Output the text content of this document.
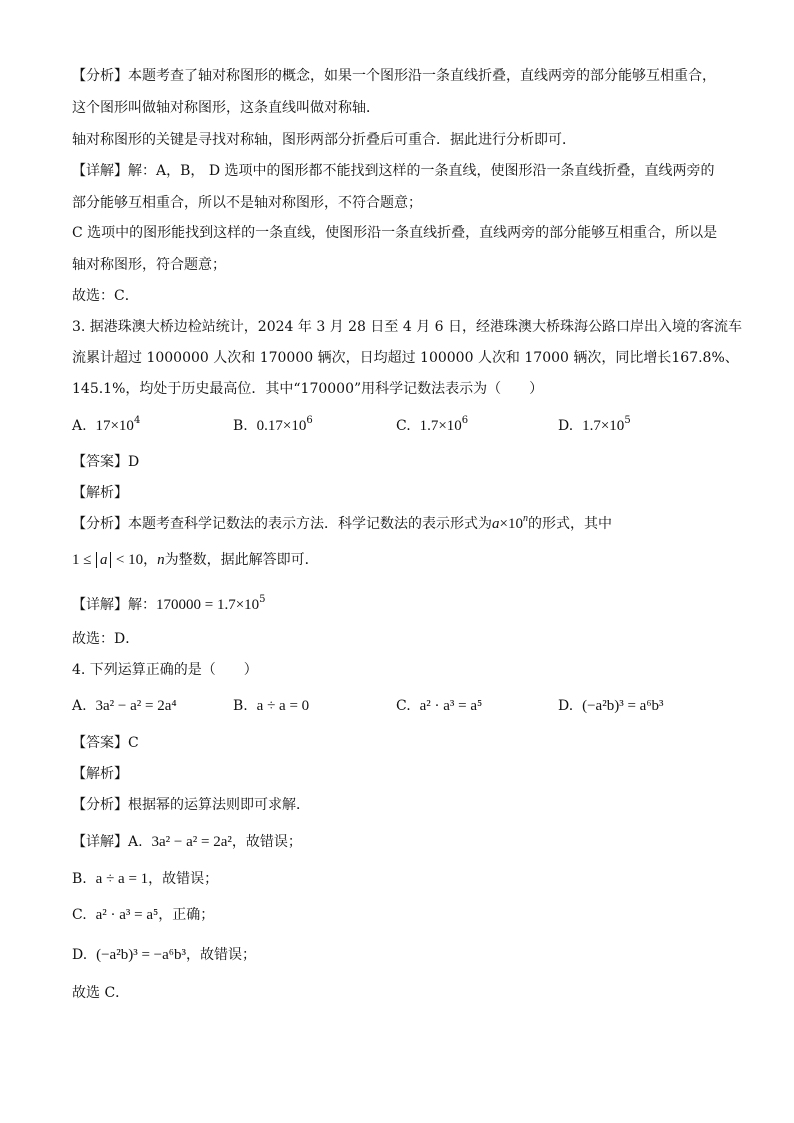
【分析】本题考查了轴对称图形的概念，如果一个图形沿一条直线折叠，直线两旁的部分能够互相重合，
这个图形叫做轴对称图形，这条直线叫做对称轴．
轴对称图形的关键是寻找对称轴，图形两部分折叠后可重合．据此进行分析即可．
【详解】解：A，B， D 选项中的图形都不能找到这样的一条直线，使图形沿一条直线折叠，直线两旁的
部分能够互相重合，所以不是轴对称图形，不符合题意；
C 选项中的图形能找到这样的一条直线，使图形沿一条直线折叠，直线两旁的部分能够互相重合，所以是
轴对称图形，符合题意；
故选：C．
3. 据港珠澳大桥边检站统计，2024 年 3 月 28 日至 4 月 6 日，经港珠澳大桥珠海公路口岸出入境的客流车
流累计超过 1000000 人次和 170000 辆次，日均超过 100000 人次和 17000 辆次，同比增长167.8%、
145.1%，均处于历史最高位．其中“170000”用科学记数法表示为（　　）
A. $17\times 10^4$	B. $0.17\times 10^6$	C. $1.7\times 10^6$	D. $1.7\times 10^5$
【答案】D
【解析】
【分析】本题考查科学记数法的表示方法．科学记数法的表示形式为$a\times 10^n$的形式，其中
1 ≤ a < 10，n为整数，据此解答即可．
【详解】解：$170000 = 1.7\times 10^5$
故选：D．
4. 下列运算正确的是（　　）
A. 3a² − a² = 2a⁴	B. a ÷ a = 0	C. a² · a³ = a⁵	D. (−a²b)³ = a⁶b³
【答案】C
【解析】
【分析】根据幂的运算法则即可求解．
【详解】A. 3a² − a² = 2a²，故错误；
B. a ÷ a = 1，故错误；
C. a² · a³ = a⁵，正确；
D. (−a²b)³ = −a⁶b³，故错误；
故选 C．
